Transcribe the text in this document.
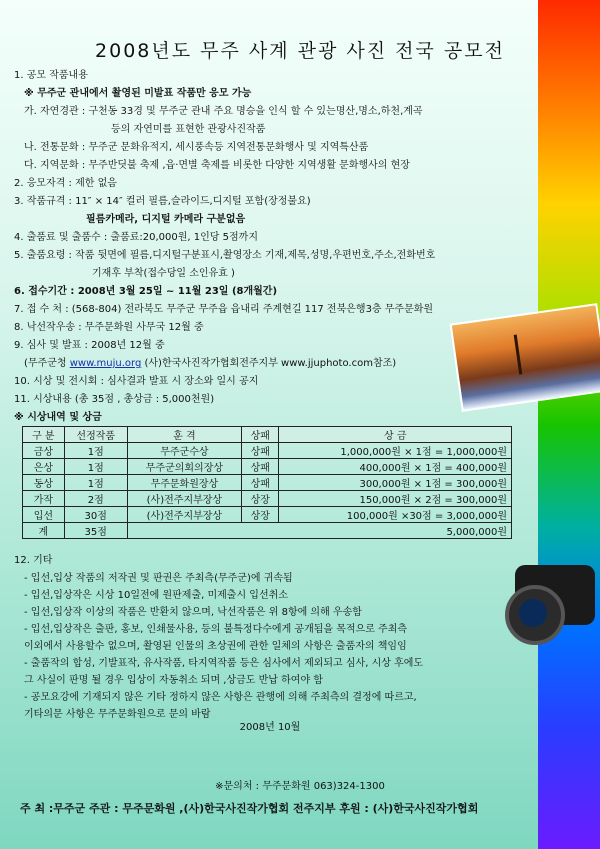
2008년도 무주 사계 관광 사진 전국 공모전
(무주군청 www.muju.org (사)한국사진작가협회전주지부 www.jjuphoto.com참조)
1. 공모 작품내용
※ 무주군 관내에서 촬영된 미발표 작품만 응모 가능
가. 자연경관 : 구천동 33경 및 무주군 관내 주요 명승을 인식 할 수 있는명산,명소,하천,계곡
등의 자연미를 표현한 관광사진작품
나. 전통문화 : 무주군 문화유적지, 세시풍속등 지역전통문화행사 및 지역특산품
다. 지역문화 : 무주반딧불 축제 ,읍·면별 축제를 비롯한 다양한 지역생활 문화행사의 현장
2. 응모자격 : 제한 없음
3. 작품규격 : 11″ × 14″ 컬러 필름,슬라이드,디지털 포함(장정불요)
필름카메라, 디지털 카메라 구분없음
4. 출품료 및 출품수 : 출품료:20,000원, 1인당 5점까지
5. 출품요령 : 작품 뒷면에 필름,디지털구분표시,촬영장소 기재,제목,성명,우편번호,주소,전화번호
기재후 부착(접수당일 소인유효 )
6. 접수기간 : 2008년 3월 25일 ~ 11월 23일 (8개월간)
7. 접 수 처 : (568-804) 전라북도 무주군 무주읍 읍내리 주계현길 117 전북은행3층 무주문화원
8. 낙선작우송 : 무주문화원 사무국 12월 중
9. 심사 및 발표 : 2008년 12월 중
10. 시상 및 전시회 : 심사결과 발표 시 장소와 일시 공지
11. 시상내용 (총 35점 , 총상금 : 5,000천원)
※ 시상내역 및 상금
구 분	선정작품	훈 격	상패	상 금
금상	1점	무주군수상	상패	1,000,000원 × 1점 = 1,000,000원
은상	1점	무주군의회의장상	상패	400,000원 × 1점 = 400,000원
동상	1점	무주문화원장상	상패	300,000원 × 1점 = 300,000원
가작	2점	(사)전주지부장상	상장	150,000원 × 2점 = 300,000원
입선	30점	(사)전주지부장상	상장	100,000원 ×30점 = 3,000,000원
계	35점	5,000,000원		
12. 기타
- 입선,입상 작품의 저작권 및 판권은 주최측(무주군)에 귀속됨
- 입선,입상작은 시상 10일전에 원판제출, 미제출시 입선취소
- 입선,입상작 이상의 작품은 반환치 않으며, 낙선작품은 위 8항에 의해 우송함
- 입선,입상작은 출판, 홍보, 인쇄물사용, 등의 불특정다수에게 공개됨을 목적으로 주최측
이외에서 사용할수 없으며, 촬영된 인물의 초상권에 관한 일체의 사항은 출품자의 책임임
- 출품작의 합성, 기발표작, 유사작품, 타지역작품 등은 심사에서 제외되고 심사, 시상 후에도
그 사실이 판명 될 경우 입상이 자동취소 되며 ,상금도 반납 하여야 함
- 공모요강에 기재되지 않은 기타 정하지 않은 사항은 관행에 의해 주최측의 결정에 따르고,
기타의문 사항은 무주문화원으로 문의 바람
2008년 10월
※문의처 : 무주문화원 063)324-1300
주 최 :무주군 주관 : 무주문화원 ,(사)한국사진작가협회 전주지부 후원 : (사)한국사진작가협회
